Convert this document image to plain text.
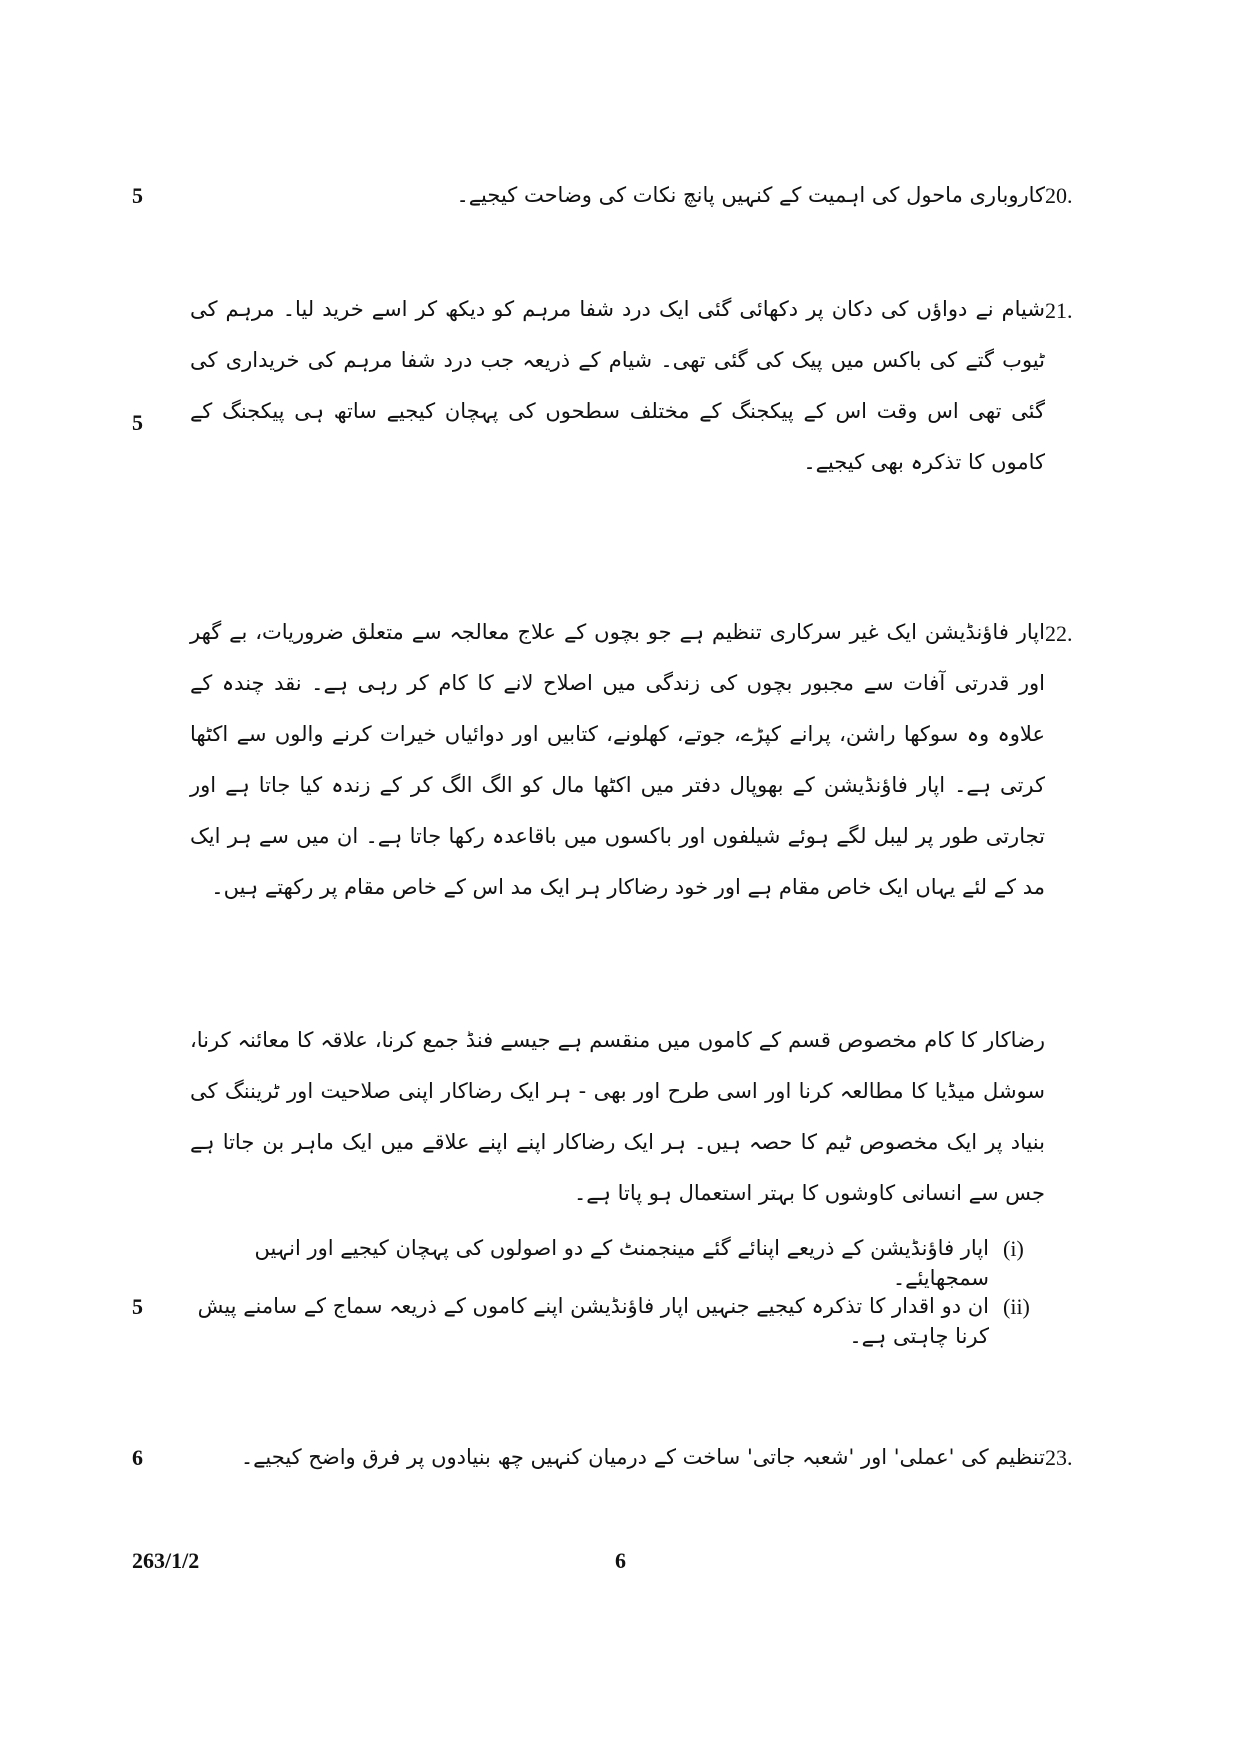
20.
کاروباری ماحول کی اہمیت کے کنہیں پانچ نکات کی وضاحت کیجیے۔
5
21.
شیام نے دواؤں کی دکان پر دکھائی گئی ایک درد شفا مرہم کو دیکھ کر اسے خرید لیا۔ مرہم کی ٹیوب گتے کی باکس میں پیک کی گئی تھی۔ شیام کے ذریعہ جب درد شفا مرہم کی خریداری کی گئی تھی اس وقت اس کے پیکجنگ کے مختلف سطحوں کی پہچان کیجیے ساتھ ہی پیکجنگ کے کاموں کا تذکرہ بھی کیجیے۔
5
22.
اپار فاؤنڈیشن ایک غیر سرکاری تنظیم ہے جو بچوں کے علاج معالجہ سے متعلق ضروریات، بے گھر اور قدرتی آفات سے مجبور بچوں کی زندگی میں اصلاح لانے کا کام کر رہی ہے۔ نقد چندہ کے علاوہ وہ سوکھا راشن، پرانے کپڑے، جوتے، کھلونے، کتابیں اور دوائیاں خیرات کرنے والوں سے اکٹھا کرتی ہے۔ اپار فاؤنڈیشن کے بھوپال دفتر میں اکٹھا مال کو الگ الگ کر کے زندہ کیا جاتا ہے اور تجارتی طور پر لیبل لگے ہوئے شیلفوں اور باکسوں میں باقاعدہ رکھا جاتا ہے۔ ان میں سے ہر ایک مد کے لئے یہاں ایک خاص مقام ہے اور خود رضاکار ہر ایک مد اس کے خاص مقام پر رکھتے ہیں۔
رضاکار کا کام مخصوص قسم کے کاموں میں منقسم ہے جیسے فنڈ جمع کرنا، علاقہ کا معائنہ کرنا، سوشل میڈیا کا مطالعہ کرنا اور اسی طرح اور بھی - ہر ایک رضاکار اپنی صلاحیت اور ٹریننگ کی بنیاد پر ایک مخصوص ٹیم کا حصہ ہیں۔ ہر ایک رضاکار اپنے اپنے علاقے میں ایک ماہر بن جاتا ہے جس سے انسانی کاوشوں کا بہتر استعمال ہو پاتا ہے۔
(i)
اپار فاؤنڈیشن کے ذریعے اپنائے گئے مینجمنٹ کے دو اصولوں کی پہچان کیجیے اور انہیں سمجھایئے۔
(ii)
ان دو اقدار کا تذکرہ کیجیے جنہیں اپار فاؤنڈیشن اپنے کاموں کے ذریعہ سماج کے سامنے پیش کرنا چاہتی ہے۔
5
23.
تنظیم کی 'عملی' اور 'شعبہ جاتی' ساخت کے درمیان کنہیں چھ بنیادوں پر فرق واضح کیجیے۔
6
263/1/2	6
